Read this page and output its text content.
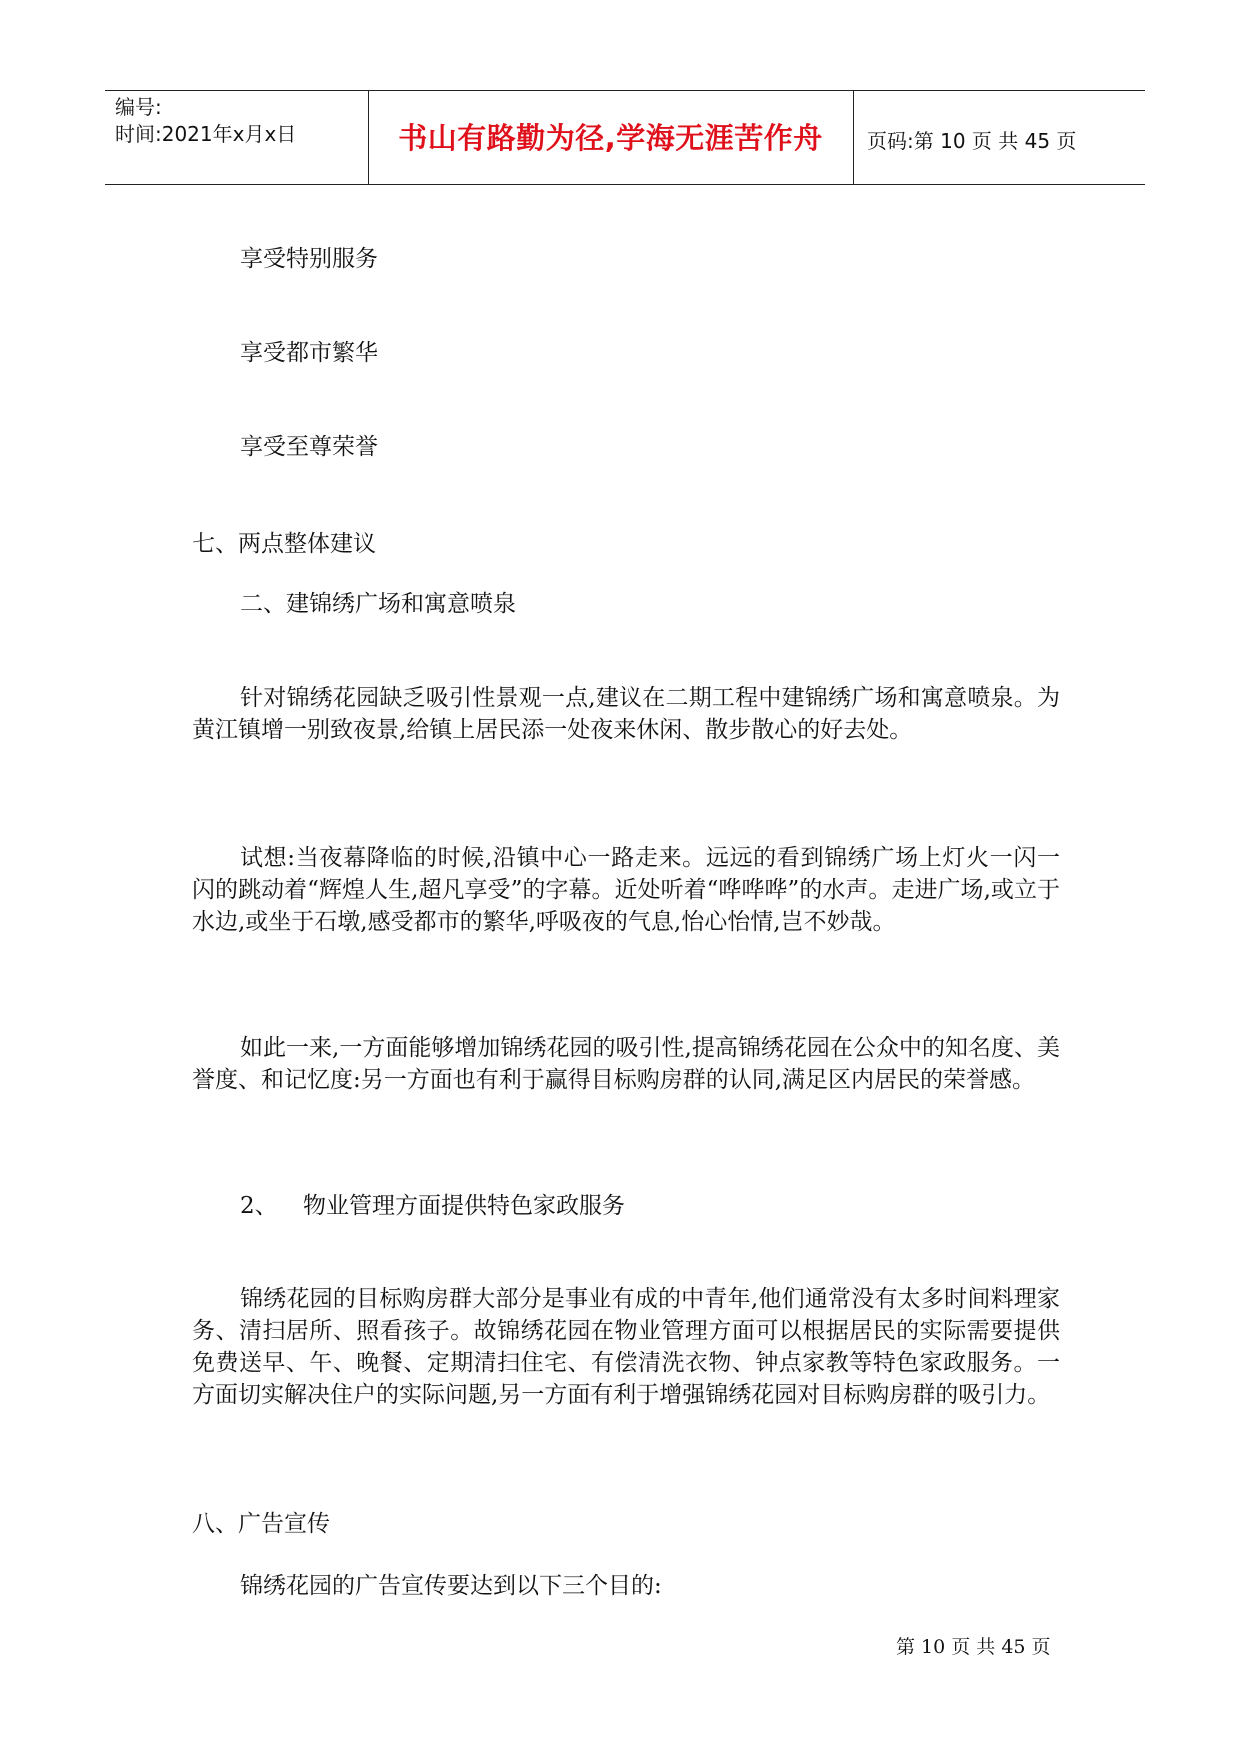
编号:
时间:2021年x月x日	书山有路勤为径,学海无涯苦作舟	页码:第 10 页 共 45 页
享受特别服务
享受都市繁华
享受至尊荣誉
七、两点整体建议
二、建锦绣广场和寓意喷泉
针对锦绣花园缺乏吸引性景观一点,建议在二期工程中建锦绣广场和寓意喷泉。为黄江镇增一别致夜景,给镇上居民添一处夜来休闲、散步散心的好去处。
试想:当夜幕降临的时候,沿镇中心一路走来。远远的看到锦绣广场上灯火一闪一闪的跳动着“辉煌人生,超凡享受”的字幕。近处听着“哗哗哗”的水声。走进广场,或立于水边,或坐于石墩,感受都市的繁华,呼吸夜的气息,怡心怡情,岂不妙哉。
如此一来,一方面能够增加锦绣花园的吸引性,提高锦绣花园在公众中的知名度、美誉度、和记忆度:另一方面也有利于赢得目标购房群的认同,满足区内居民的荣誉感。
2、 物业管理方面提供特色家政服务
锦绣花园的目标购房群大部分是事业有成的中青年,他们通常没有太多时间料理家务、清扫居所、照看孩子。故锦绣花园在物业管理方面可以根据居民的实际需要提供免费送早、午、晚餐、定期清扫住宅、有偿清洗衣物、钟点家教等特色家政服务。一方面切实解决住户的实际问题,另一方面有利于增强锦绣花园对目标购房群的吸引力。
八、广告宣传
锦绣花园的广告宣传要达到以下三个目的:
第 10 页 共 45 页
